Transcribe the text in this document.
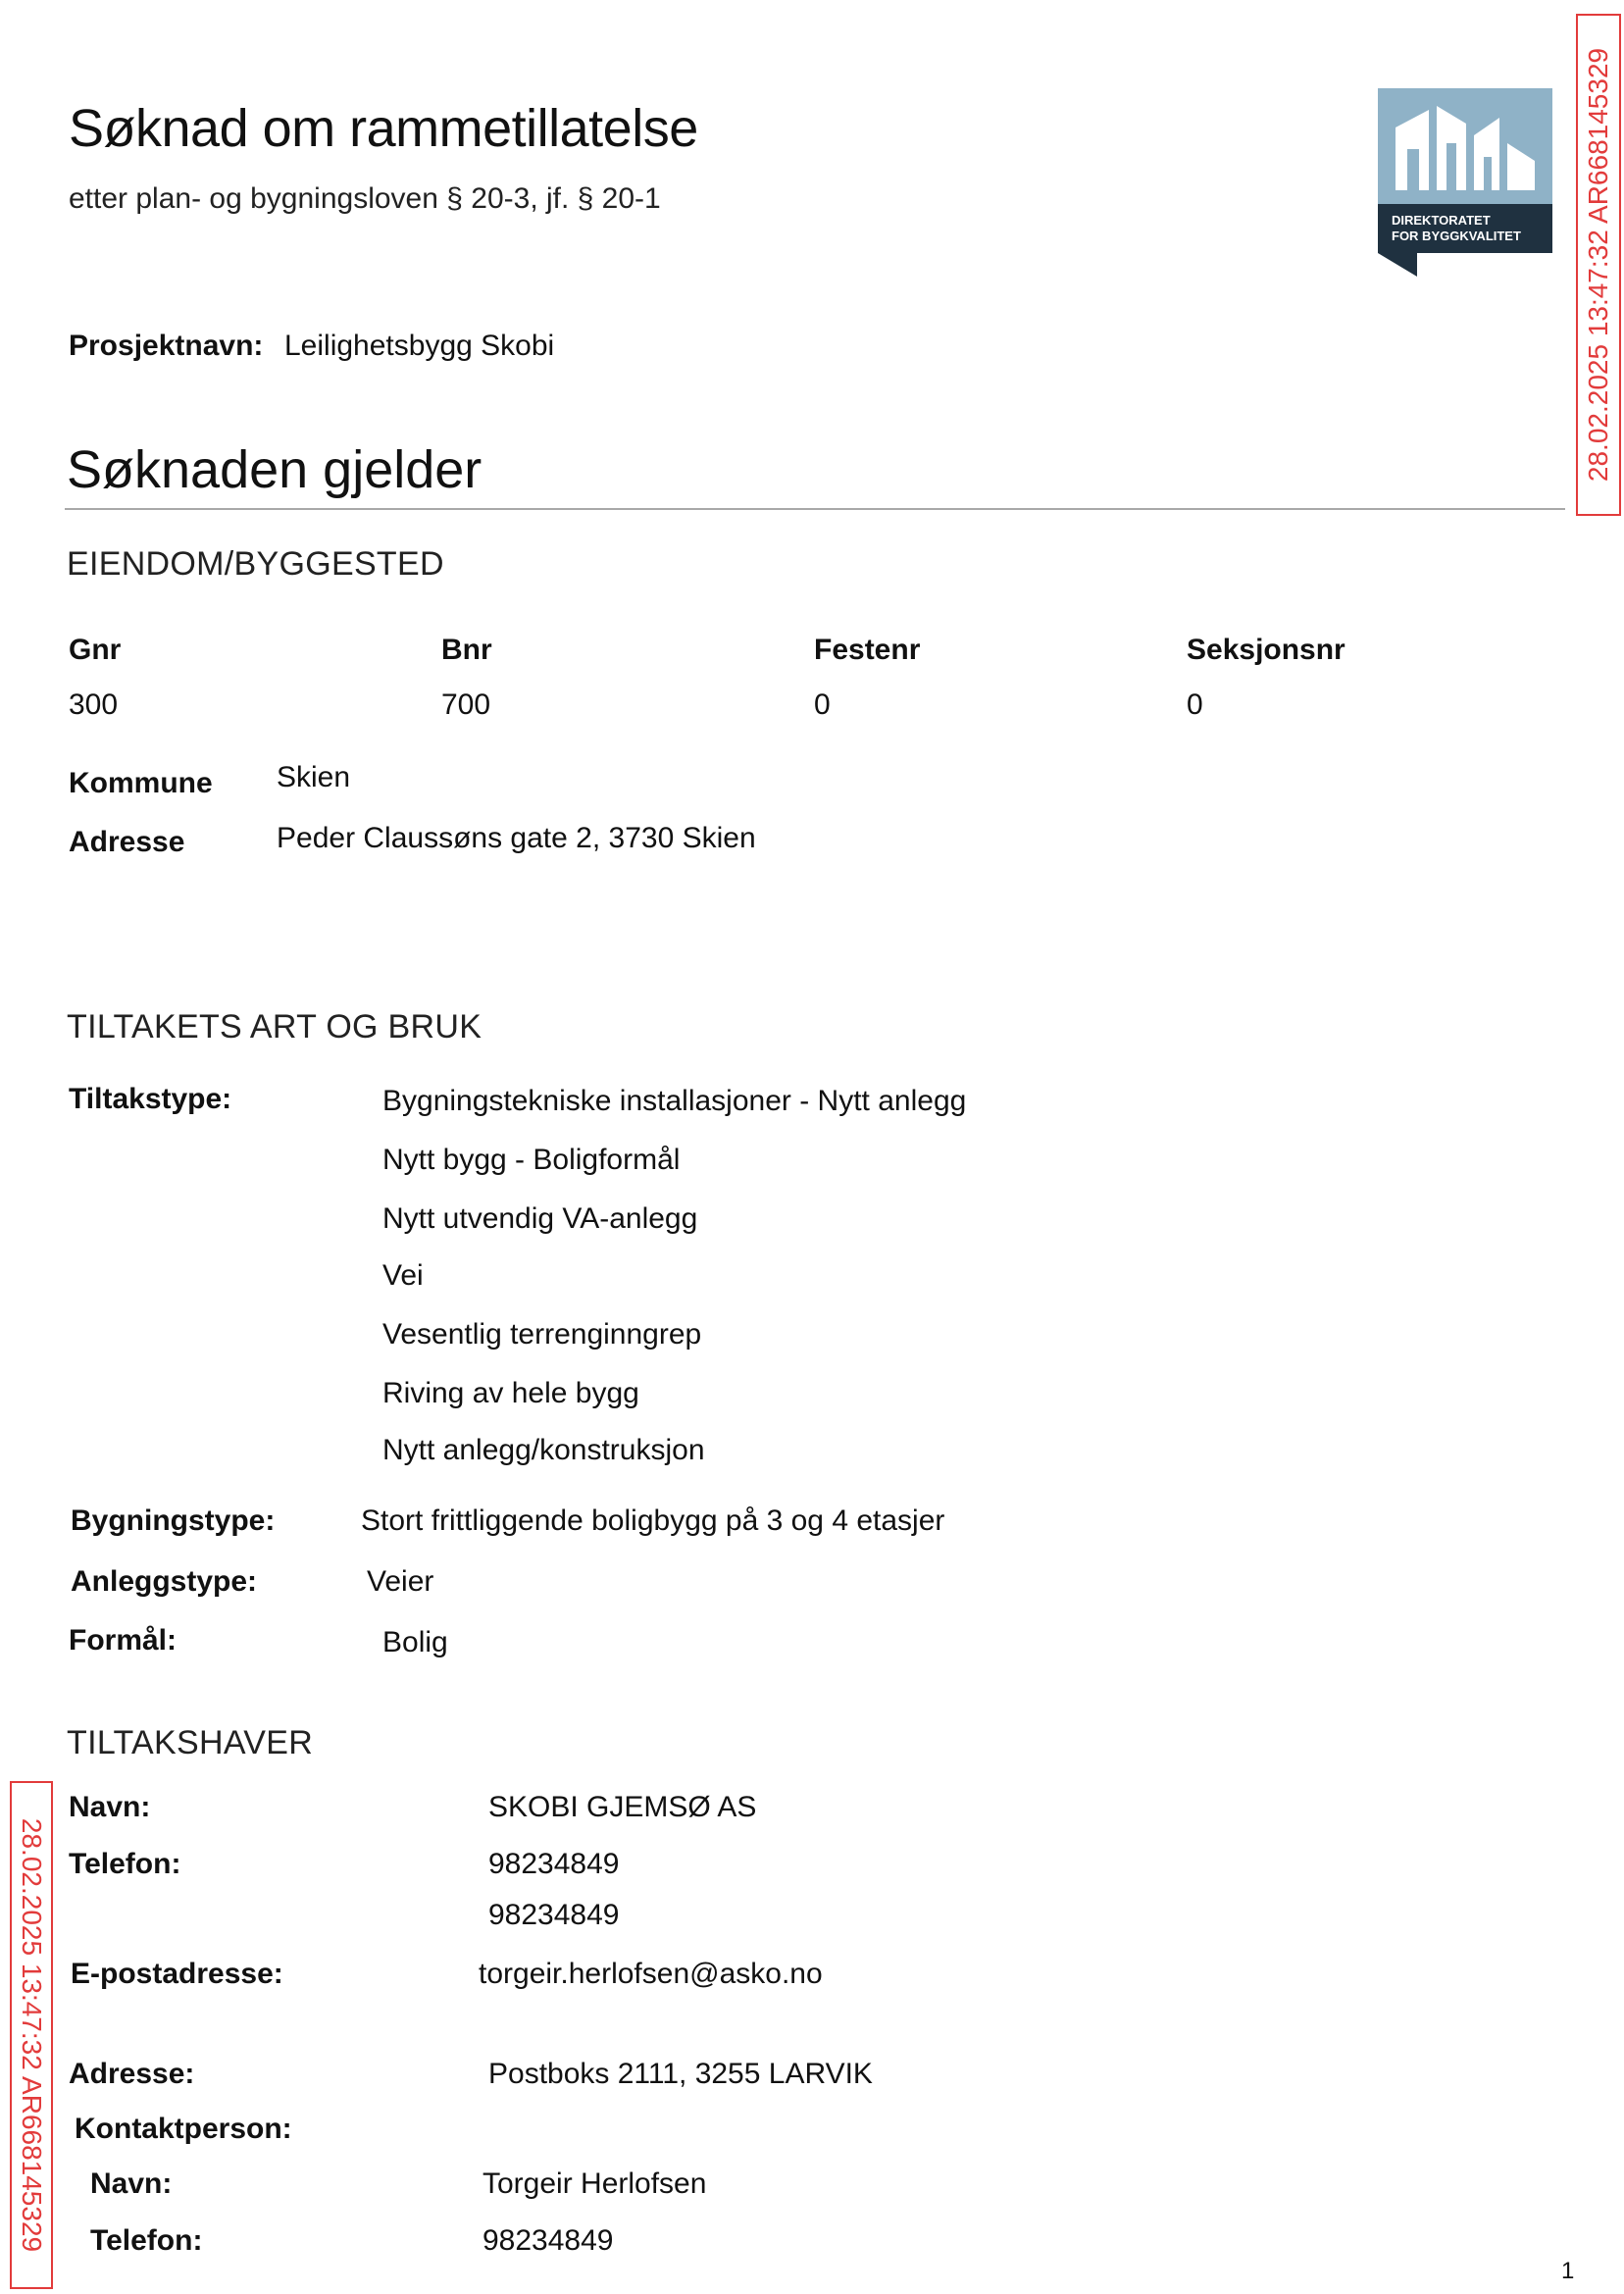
Søknad om rammetillatelse
etter plan- og bygningsloven § 20-3, jf. § 20-1
DIREKTORATET
FOR BYGGKVALITET
Prosjektnavn: Leilighetsbygg Skobi
Søknaden gjelder
EIENDOM/BYGGESTED
Gnr	Bnr	Festenr	Seksjonsnr
300	700	0	0
Kommune Skien
Adresse	Peder Claussøns gate 2, 3730 Skien
TILTAKETS ART OG BRUK
Tiltakstype:	Bygningstekniske installasjoner - Nytt anlegg
Nytt bygg - Boligformål
Nytt utvendig VA-anlegg
Vei
Vesentlig terrenginngrep
Riving av hele bygg
Nytt anlegg/konstruksjon
Bygningstype:	Stort frittliggende boligbygg på 3 og 4 etasjer
Anleggstype:	Veier
Formål:	Bolig
TILTAKSHAVER
Navn:	SKOBI GJEMSØ AS
Telefon:	98234849
98234849
E-postadresse:	torgeir.herlofsen@asko.no
Adresse:	Postboks 2111, 3255 LARVIK
Kontaktperson:
Navn:	Torgeir Herlofsen
Telefon:	98234849
28.02.2025 13:47:32 AR668145329
28.02.2025 13:47:32 AR668145329
1
